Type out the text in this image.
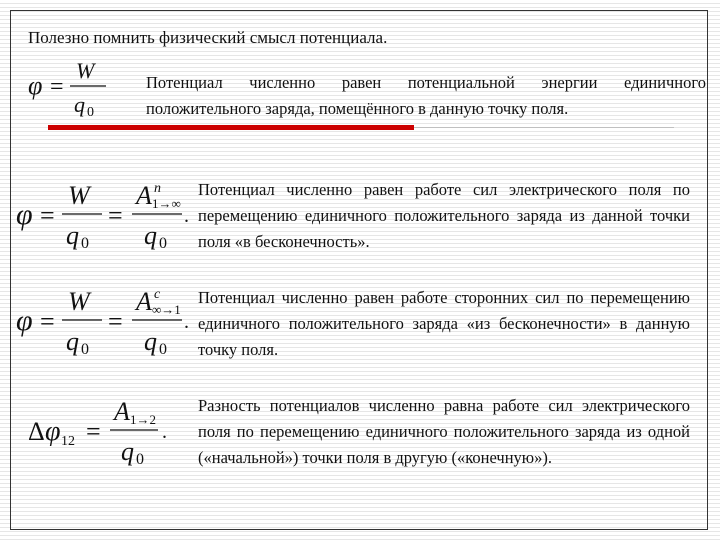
Полезно помнить физический смысл потенциала.
φ =
W
q 0
Потенциал численно равен потенциальной энергии единичного положительного заряда, помещённого в данную точку поля.
φ =
W
q 0
=
A п
1→∞
q 0
.
Потенциал численно равен работе сил электрического поля по перемещению единичного положительного заряда из данной точки поля «в бесконечность».
φ =
W
q 0
=
A c
∞→1
q 0
.
Потенциал численно равен работе сторонних сил по перемещению единичного положительного заряда «из бесконечности» в данную точку поля.
Δ φ 12 =
A 1→2
q 0
.
Разность потенциалов численно равна работе сил электрического поля по перемещению единичного положительного заряда из одной («начальной») точки поля в другую («конечную»).
